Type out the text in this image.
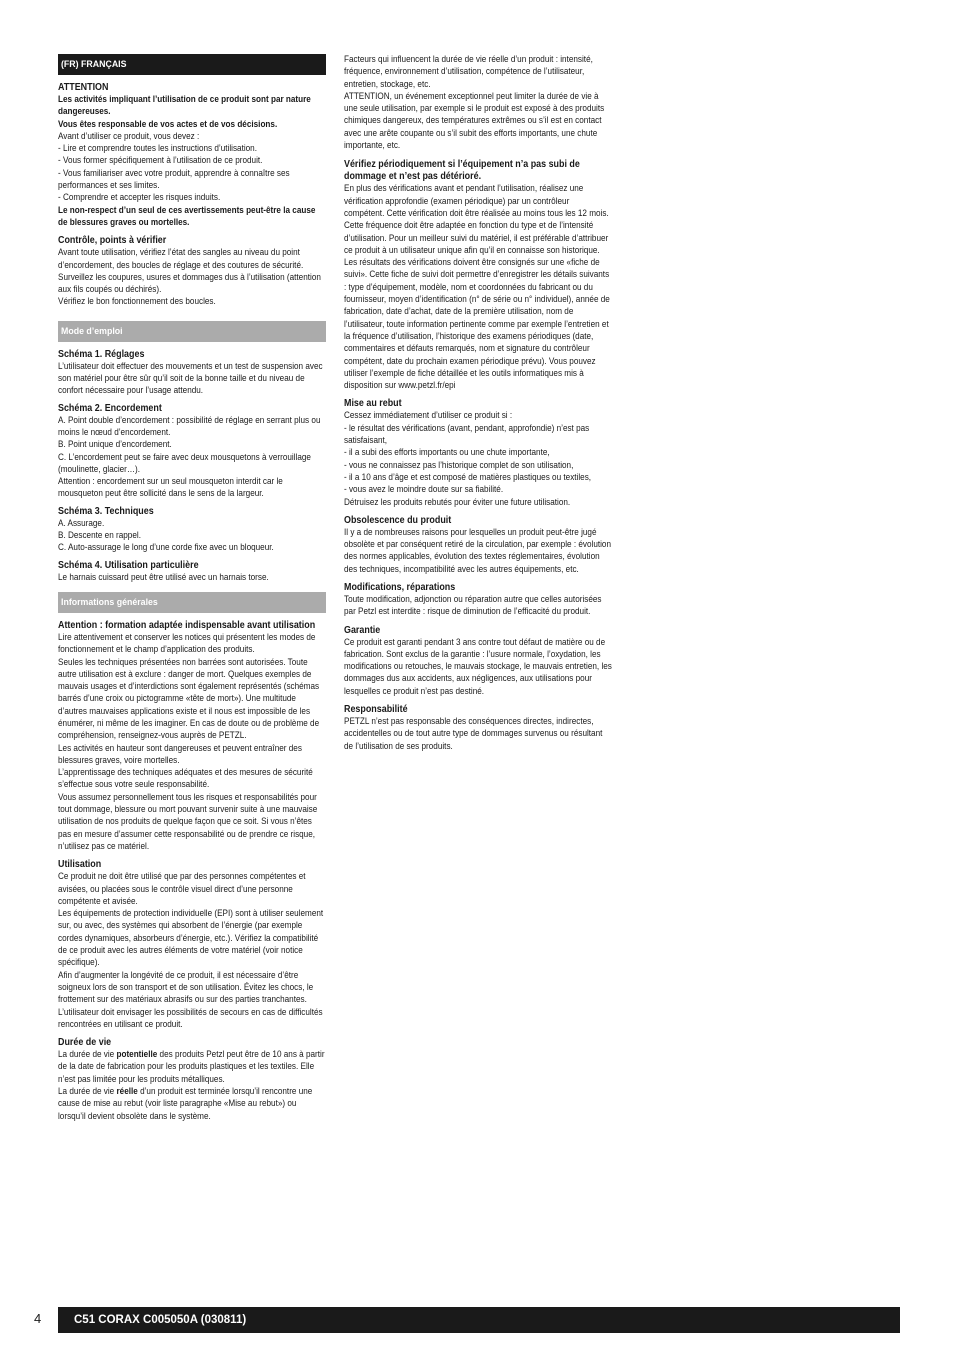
(FR) FRANÇAIS
ATTENTION
Les activités impliquant l’utilisation de ce produit sont par nature dangereuses.
Vous êtes responsable de vos actes et de vos décisions.
Avant d’utiliser ce produit, vous devez :
- Lire et comprendre toutes les instructions d’utilisation.
- Vous former spécifiquement à l’utilisation de ce produit.
- Vous familiariser avec votre produit, apprendre à connaître ses performances et ses limites.
- Comprendre et accepter les risques induits.
Le non-respect d’un seul de ces avertissements peut-être la cause de blessures graves ou mortelles.
Contrôle, points à vérifier
Avant toute utilisation, vérifiez l’état des sangles au niveau du point d’encordement, des boucles de réglage et des coutures de sécurité.
Surveillez les coupures, usures et dommages dus à l’utilisation (attention aux fils coupés ou déchirés).
Vérifiez le bon fonctionnement des boucles.
Mode d’emploi
Schéma 1. Réglages
L’utilisateur doit effectuer des mouvements et un test de suspension avec son matériel pour être sûr qu’il soit de la bonne taille et du niveau de confort nécessaire pour l’usage attendu.
Schéma 2. Encordement
A. Point double d’encordement : possibilité de réglage en serrant plus ou moins le nœud d’encordement.
B. Point unique d’encordement.
C. L’encordement peut se faire avec deux mousquetons à verrouillage (moulinette, glacier…).
Attention : encordement sur un seul mousqueton interdit car le mousqueton peut être sollicité dans le sens de la largeur.
Schéma 3. Techniques
A. Assurage.
B. Descente en rappel.
C. Auto-assurage le long d’une corde fixe avec un bloqueur.
Schéma 4. Utilisation particulière
Le harnais cuissard peut être utilisé avec un harnais torse.
Informations générales
Attention : formation adaptée indispensable avant utilisation
Lire attentivement et conserver les notices qui présentent les modes de fonctionnement et le champ d’application des produits.
Seules les techniques présentées non barrées sont autorisées. Toute autre utilisation est à exclure : danger de mort. Quelques exemples de mauvais usages et d’interdictions sont également représentés (schémas barrés d’une croix ou pictogramme «tête de mort»). Une multitude d’autres mauvaises applications existe et il nous est impossible de les énumérer, ni même de les imaginer. En cas de doute ou de problème de compréhension, renseignez-vous auprès de PETZL.
Les activités en hauteur sont dangereuses et peuvent entraîner des blessures graves, voire mortelles.
L’apprentissage des techniques adéquates et des mesures de sécurité s’effectue sous votre seule responsabilité.
Vous assumez personnellement tous les risques et responsabilités pour tout dommage, blessure ou mort pouvant survenir suite à une mauvaise utilisation de nos produits de quelque façon que ce soit. Si vous n’êtes pas en mesure d’assumer cette responsabilité ou de prendre ce risque, n’utilisez pas ce matériel.
Utilisation
Ce produit ne doit être utilisé que par des personnes compétentes et avisées, ou placées sous le contrôle visuel direct d’une personne compétente et avisée.
Les équipements de protection individuelle (EPI) sont à utiliser seulement sur, ou avec, des systèmes qui absorbent de l’énergie (par exemple cordes dynamiques, absorbeurs d’énergie, etc.). Vérifiez la compatibilité de ce produit avec les autres éléments de votre matériel (voir notice spécifique).
Afin d’augmenter la longévité de ce produit, il est nécessaire d’être soigneux lors de son transport et de son utilisation. Évitez les chocs, le frottement sur des matériaux abrasifs ou sur des parties tranchantes.
L’utilisateur doit envisager les possibilités de secours en cas de difficultés rencontrées en utilisant ce produit.
Durée de vie
La durée de vie potentielle des produits Petzl peut être de 10 ans à partir de la date de fabrication pour les produits plastiques et les textiles. Elle n’est pas limitée pour les produits métalliques.
La durée de vie réelle d’un produit est terminée lorsqu’il rencontre une cause de mise au rebut (voir liste paragraphe «Mise au rebut») ou lorsqu’il devient obsolète dans le système.
Facteurs qui influencent la durée de vie réelle d’un produit : intensité, fréquence, environnement d’utilisation, compétence de l’utilisateur, entretien, stockage, etc.
ATTENTION, un événement exceptionnel peut limiter la durée de vie à une seule utilisation, par exemple si le produit est exposé à des produits chimiques dangereux, des températures extrêmes ou s’il est en contact avec une arête coupante ou s’il subit des efforts importants, une chute importante, etc.
Vérifiez périodiquement si l’équipement n’a pas subi de dommage et n’est pas détérioré.
En plus des vérifications avant et pendant l’utilisation, réalisez une vérification approfondie (examen périodique) par un contrôleur compétent. Cette vérification doit être réalisée au moins tous les 12 mois. Cette fréquence doit être adaptée en fonction du type et de l’intensité d’utilisation. Pour un meilleur suivi du matériel, il est préférable d’attribuer ce produit à un utilisateur unique afin qu’il en connaisse son historique.
Les résultats des vérifications doivent être consignés sur une «fiche de suivi». Cette fiche de suivi doit permettre d’enregistrer les détails suivants : type d’équipement, modèle, nom et coordonnées du fabricant ou du fournisseur, moyen d’identification (n° de série ou n° individuel), année de fabrication, date d’achat, date de la première utilisation, nom de l’utilisateur, toute information pertinente comme par exemple l’entretien et la fréquence d’utilisation, l’historique des examens périodiques (date, commentaires et défauts remarqués, nom et signature du contrôleur compétent, date du prochain examen périodique prévu). Vous pouvez utiliser l’exemple de fiche détaillée et les outils informatiques mis à disposition sur www.petzl.fr/epi
Mise au rebut
Cessez immédiatement d’utiliser ce produit si :
- le résultat des vérifications (avant, pendant, approfondie) n’est pas satisfaisant,
- il a subi des efforts importants ou une chute importante,
- vous ne connaissez pas l’historique complet de son utilisation,
- il a 10 ans d’âge et est composé de matières plastiques ou textiles,
- vous avez le moindre doute sur sa fiabilité.
Détruisez les produits rebutés pour éviter une future utilisation.
Obsolescence du produit
Il y a de nombreuses raisons pour lesquelles un produit peut-être jugé obsolète et par conséquent retiré de la circulation, par exemple : évolution des normes applicables, évolution des textes réglementaires, évolution des techniques, incompatibilité avec les autres équipements, etc.
Modifications, réparations
Toute modification, adjonction ou réparation autre que celles autorisées par Petzl est interdite : risque de diminution de l’efficacité du produit.
Garantie
Ce produit est garanti pendant 3 ans contre tout défaut de matière ou de fabrication. Sont exclus de la garantie : l’usure normale, l’oxydation, les modifications ou retouches, le mauvais stockage, le mauvais entretien, les dommages dus aux accidents, aux négligences, aux utilisations pour lesquelles ce produit n’est pas destiné.
Responsabilité
PETZL n’est pas responsable des conséquences directes, indirectes, accidentelles ou de tout autre type de dommages survenus ou résultant de l’utilisation de ses produits.
4	C51 CORAX C005050A (030811)
